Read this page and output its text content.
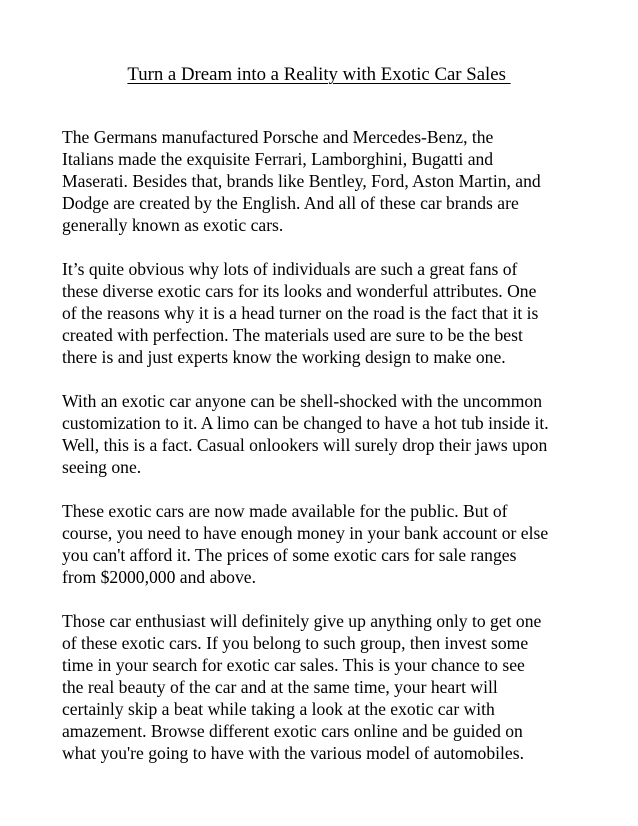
Turn a Dream into a Reality with Exotic Car Sales

The Germans manufactured Porsche and Mercedes-Benz, the
Italians made the exquisite Ferrari, Lamborghini, Bugatti and
Maserati. Besides that, brands like Bentley, Ford, Aston Martin, and
Dodge are created by the English. And all of these car brands are
generally known as exotic cars.

It’s quite obvious why lots of individuals are such a great fans of
these diverse exotic cars for its looks and wonderful attributes. One
of the reasons why it is a head turner on the road is the fact that it is
created with perfection. The materials used are sure to be the best
there is and just experts know the working design to make one.

With an exotic car anyone can be shell-shocked with the uncommon
customization to it. A limo can be changed to have a hot tub inside it.
Well, this is a fact. Casual onlookers will surely drop their jaws upon
seeing one.

These exotic cars are now made available for the public. But of
course, you need to have enough money in your bank account or else
you can't afford it. The prices of some exotic cars for sale ranges
from $2000,000 and above.

Those car enthusiast will definitely give up anything only to get one
of these exotic cars. If you belong to such group, then invest some
time in your search for exotic car sales. This is your chance to see
the real beauty of the car and at the same time, your heart will
certainly skip a beat while taking a look at the exotic car with
amazement. Browse different exotic cars online and be guided on
what you're going to have with the various model of automobiles.
